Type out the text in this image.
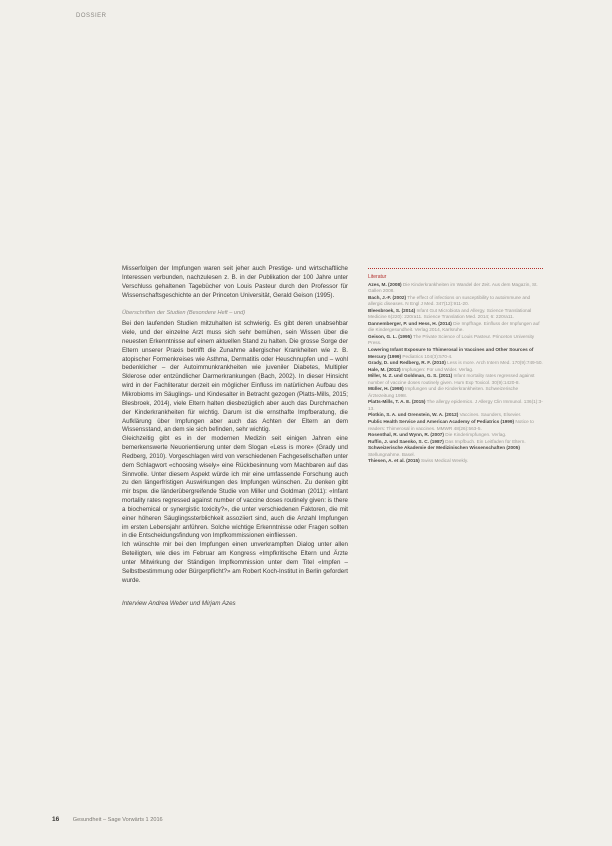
DOSSIER

Misserfolgen der Impfungen waren seit jeher auch Prestige- und wirtschaftliche Interessen verbunden, nachzulesen z. B. in der Publikation der 100 Jahre unter Verschluss gehaltenen Tagebücher von Louis Pasteur durch den Professor für Wissenschaftsgeschichte an der Princeton Universität, Gerald Geison (1995).

Überschriften der Studien (Besondere Heft – und)

Bei den laufenden Studien mitzuhalten ist schwierig. Es gibt deren unabsehbar viele, und der einzelne Arzt muss sich sehr bemühen, sein Wissen über die neuesten Erkenntnisse auf einem aktuellen Stand zu halten. Die grosse Sorge der Eltern unserer Praxis betrifft die Zunahme allergischer Krankheiten wie z. B. atopischer Formenkreises wie Asthma, Dermatitis oder Heuschnupfen und – wohl bedenklicher – der Autoimmunkrankheiten wie juveniler Diabetes, Multipler Sklerose oder entzündlicher Darmerkrankungen (Bach, 2002). In dieser Hinsicht wird in der Fachliteratur derzeit ein möglicher Einfluss im natürlichen Aufbau des Mikrobioms im Säuglings- und Kindesalter in Betracht gezogen (Platts-Mills, 2015; Blesbroek, 2014), viele Eltern halten diesbezüglich aber auch das Durchmachen der Kinderkrankheiten für wichtig. Darum ist die ernsthafte Impfberatung, die Aufklärung über Impfungen aber auch das Achten der Eltern an dem Wissensstand, an dem sie sich befinden, sehr wichtig.

Gleichzeitig gibt es in der modernen Medizin seit einigen Jahren eine bemerkenswerte Neuorientierung unter dem Slogan «Less is more» (Grady und Redberg, 2010). Vorgeschlagen wird von verschiedenen Fachgesellschaften unter dem Schlagwort «choosing wisely» eine Rückbesinnung vom Machbaren auf das Sinnvolle. Unter diesem Aspekt würde ich mir eine umfassende Forschung auch zu den längerfristigen Auswirkungen des Impfungen wünschen. Zu denken gibt mir bspw. die länderübergreifende Studie von Miller und Goldman (2011): «Infant mortality rates regressed against number of vaccine doses routinely given: is there a biochemical or synergistic toxicity?», die unter verschiedenen Faktoren, die mit einer höheren Säuglingssterblichkeit assoziiert sind, auch die Anzahl Impfungen im ersten Lebensjahr anführen. Solche wichtige Erkenntnisse oder Fragen sollten in die Entscheidungsfindung von Impfkommissionen einfliessen.

Ich wünschte mir bei den Impfungen einen unverkrampften Dialog unter allen Beteiligten, wie dies im Februar am Kongress «Impfkritische Eltern und Ärzte unter Mitwirkung der Ständigen Impfkommission unter dem Titel «Impfen – Selbstbestimmung oder Bürgerpflicht?» am Robert Koch-Institut in Berlin gefordert wurde.

Interview Andrea Weber und Mirjam Azes

Literatur

Azes, M. (2008) Die Kinderkrankheiten im Wandel der Zeit. Aus dem Magazin, St. Gallen 2008.

Bach, J.-F. (2002) The effect of infections on susceptibility to autoimmune and allergic diseases. N Engl J Med. 347(12):911-20.

Bleesbroek, S. (2014) Infant Gut Microbiota and Allergy. Science Translational Medicine 6(220): 220ra11. Science Translation Med. 2014; 6: 220ra11.

Dannemberger, P. und Hess, H. (2014) Die Impffrage. Einfluss der Impfungen auf die Kindergesundheit. Verlag 2014, Karlsruhe.

Geison, G. L. (1995) The Private Science of Louis Pasteur. Princeton University Press.

Lowering Infant Exposure to Thimerosal in Vaccines and Other Sources of Mercury (1999) Pediatrics 104(3):570-4.

Grady, D. und Redberg, R. F. (2010) Less is more. Arch Intern Med. 170(9):749-50.

Hale, M. (2012) Impfungen: Für und Wider. Verlag.

Miller, N. Z. und Goldman, G. S. (2011) Infant mortality rates regressed against number of vaccine doses routinely given. Hum Exp Toxicol. 30(9):1420-8.

Müller, H. (1998) Impfungen und die Kinderkrankheiten. Schweizerische Ärztezeitung 1998.

Platts-Mills, T. A. E. (2015) The allergy epidemics. J Allergy Clin Immunol. 136(1):3-13.

Plotkin, S. A. und Orenstein, W. A. (2012) Vaccines. Saunders, Elsevier.

Public Health Service and American Academy of Pediatrics (1999) Notice to readers: Thimerosal in vaccines. MMWR 48(26):563-5.

Rosenthal, R. und Wynn, R. (2007) Die Kinderimpfungen. Verlag.

Ruffin, J. und Saenko, S. C. (1987) Das Impfbuch. Ein Leitfaden für Eltern.

Schweizerische Akademie der Medizinischen Wissenschaften (2005) Stellungnahme. Basel.

Thiesen, A. et al. (2015) Swiss Medical Weekly.

16 Gesundheit – Sage Vorwärts 1 2016
